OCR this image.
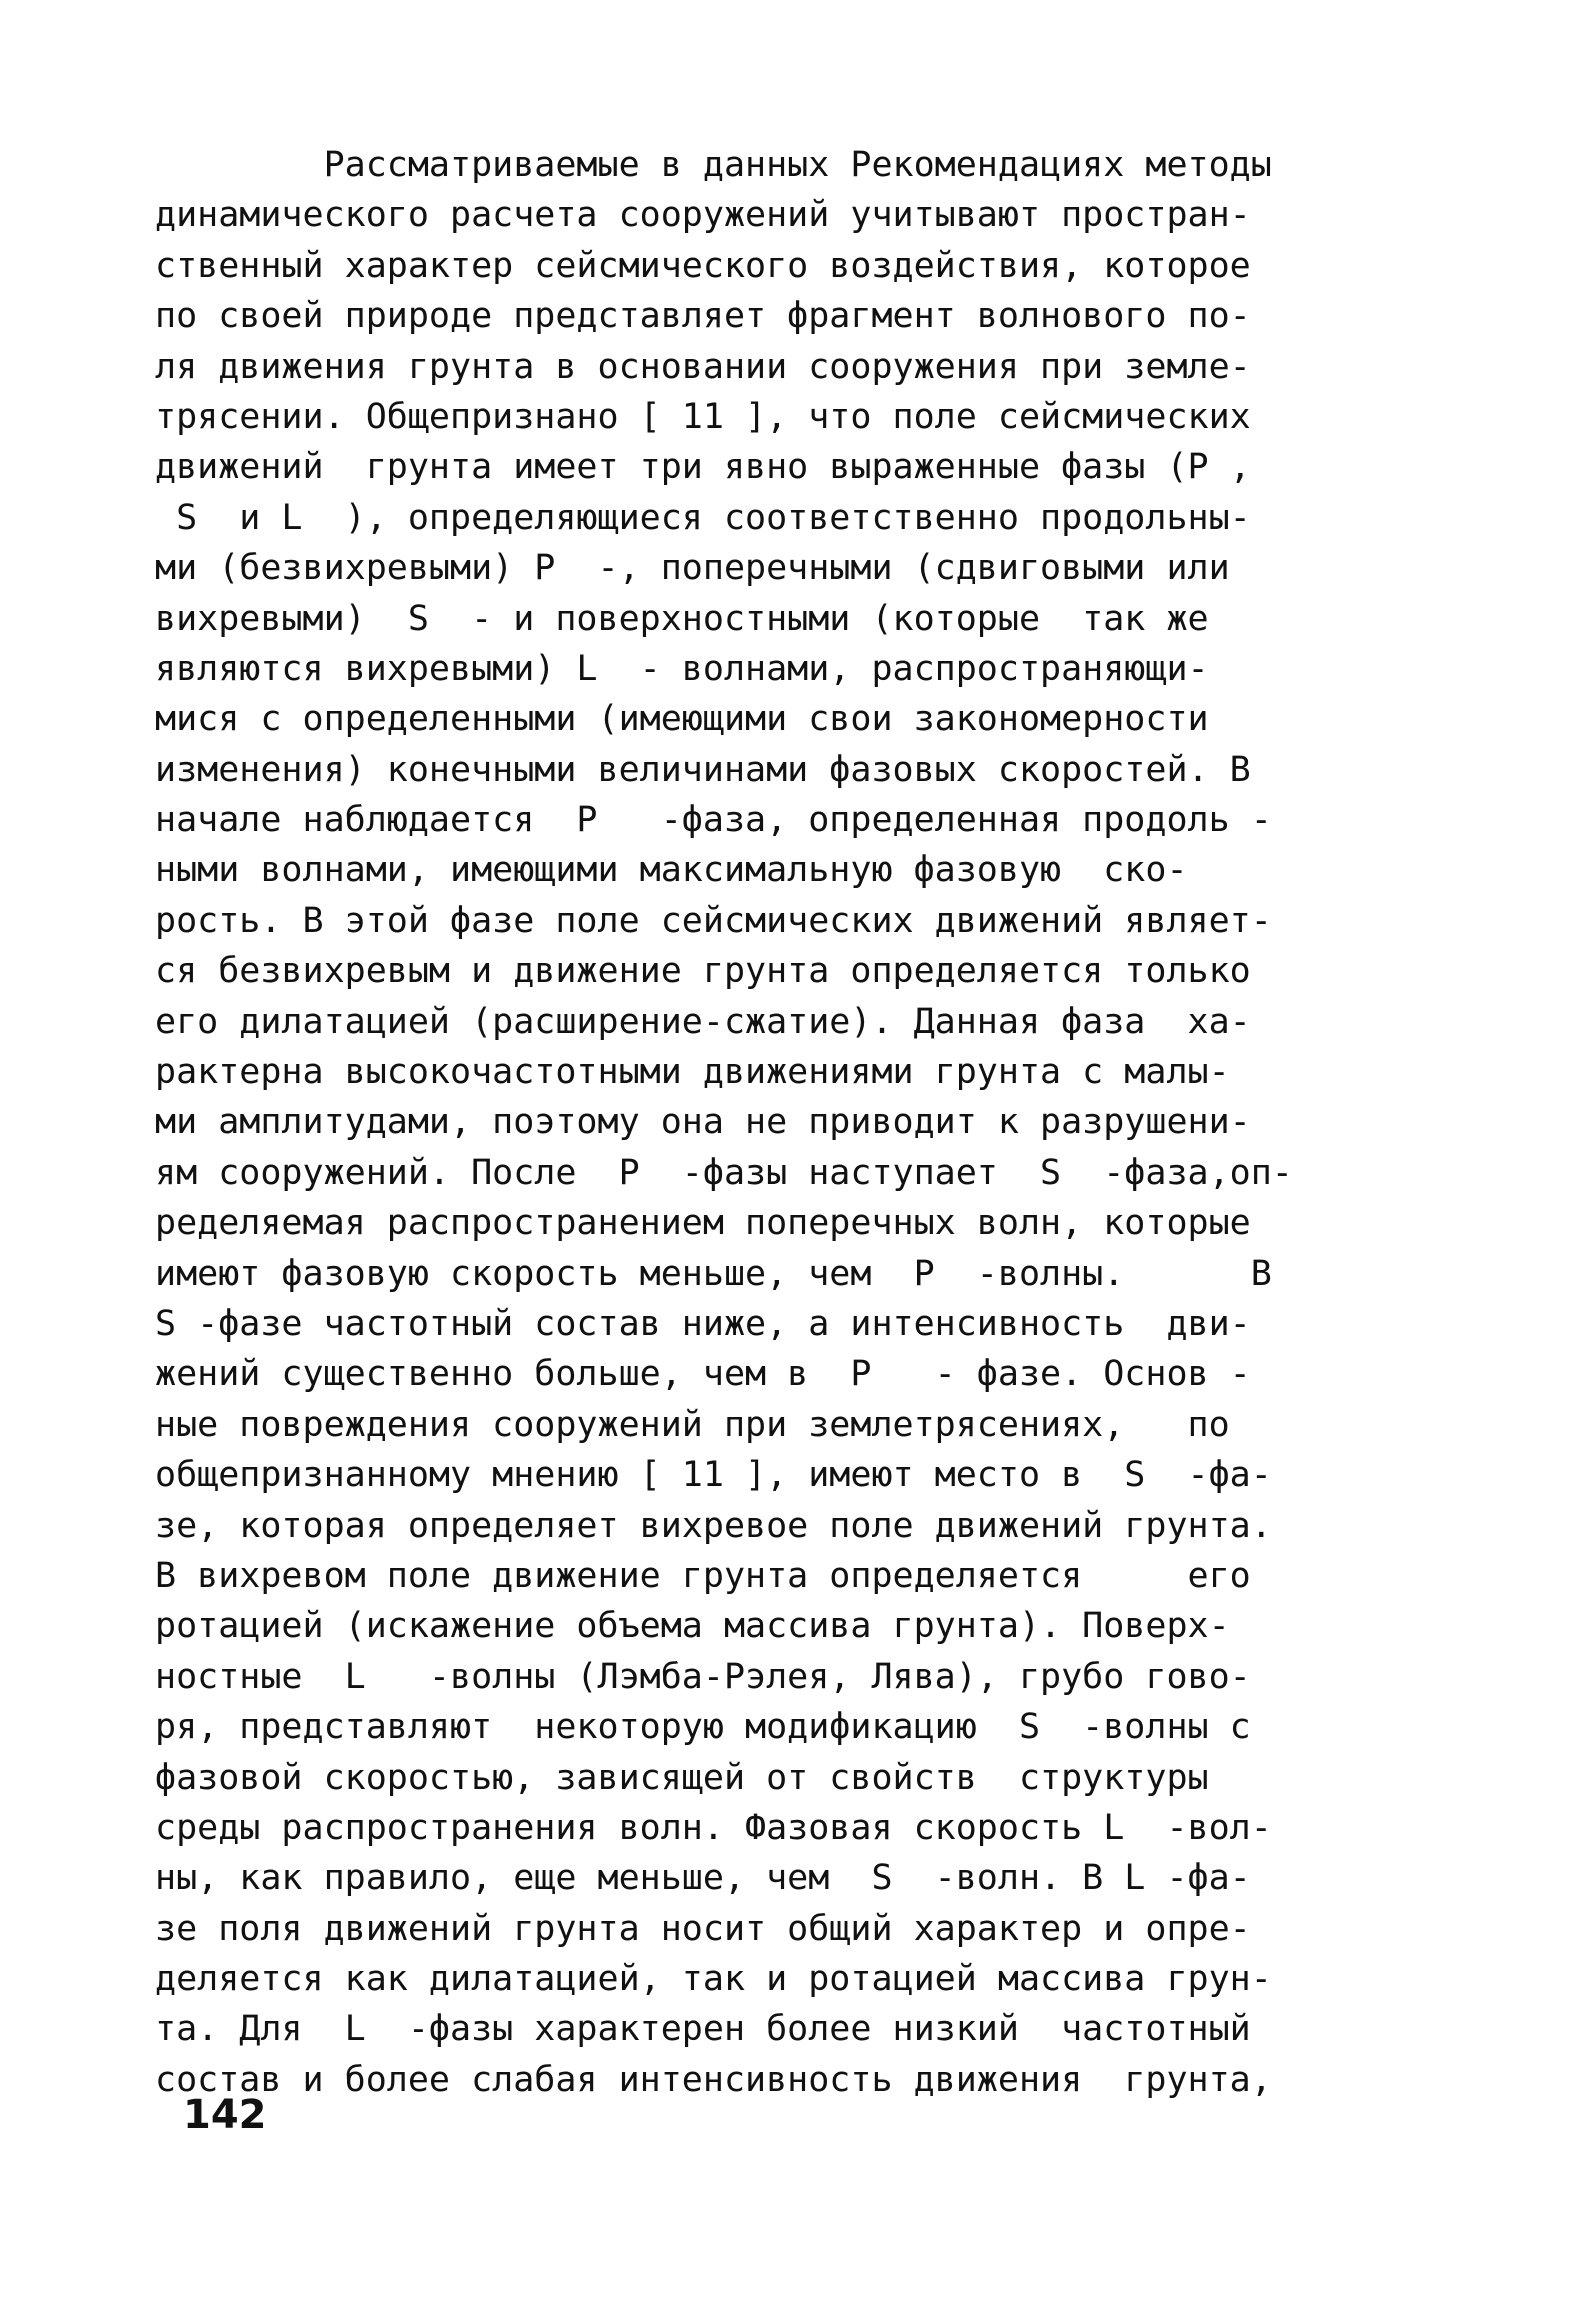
Рассматриваемые в данных Рекомендациях методы
динамического расчета сооружений учитывают простран-
ственный характер сейсмического воздействия, которое
по своей природе представляет фрагмент волнового по-
ля движения грунта в основании сооружения при земле-
трясении. Общепризнано [ 11 ], что поле сейсмических
движений  грунта имеет три явно выраженные фазы (P ,
S  и L  ), определяющиеся соответственно продольны-
ми (безвихревыми) P  -, поперечными (сдвиговыми или
вихревыми)  S  - и поверхностными (которые  так же
являются вихревыми) L  - волнами, распространяющи-
мися с определенными (имеющими свои закономерности
изменения) конечными величинами фазовых скоростей. В
начале наблюдается  P   -фаза, определенная продоль -
ными волнами, имеющими максимальную фазовую  ско-
рость. В этой фазе поле сейсмических движений являет-
ся безвихревым и движение грунта определяется только
его дилатацией (расширение-сжатие). Данная фаза  ха-
рактерна высокочастотными движениями грунта с малы-
ми амплитудами, поэтому она не приводит к разрушени-
ям сооружений. После  P  -фазы наступает  S  -фаза,оп-
ределяемая распространением поперечных волн, которые
имеют фазовую скорость меньше, чем  P  -волны.      В
S -фазе частотный состав ниже, а интенсивность  дви-
жений существенно больше, чем в  P   - фазе. Основ -
ные повреждения сооружений при землетрясениях,   по
общепризнанному мнению [ 11 ], имеют место в  S  -фа-
зе, которая определяет вихревое поле движений грунта.
В вихревом поле движение грунта определяется     его
ротацией (искажение объема массива грунта). Поверх-
ностные  L   -волны (Лэмба-Рэлея, Лява), грубо гово-
ря, представляют  некоторую модификацию  S  -волны с
фазовой скоростью, зависящей от свойств  структуры
среды распространения волн. Фазовая скорость L  -вол-
ны, как правило, еще меньше, чем  S  -волн. В L -фа-
зе поля движений грунта носит общий характер и опре-
деляется как дилатацией, так и ротацией массива грун-
та. Для  L  -фазы характерен более низкий  частотный
состав и более слабая интенсивность движения  грунта,
142
